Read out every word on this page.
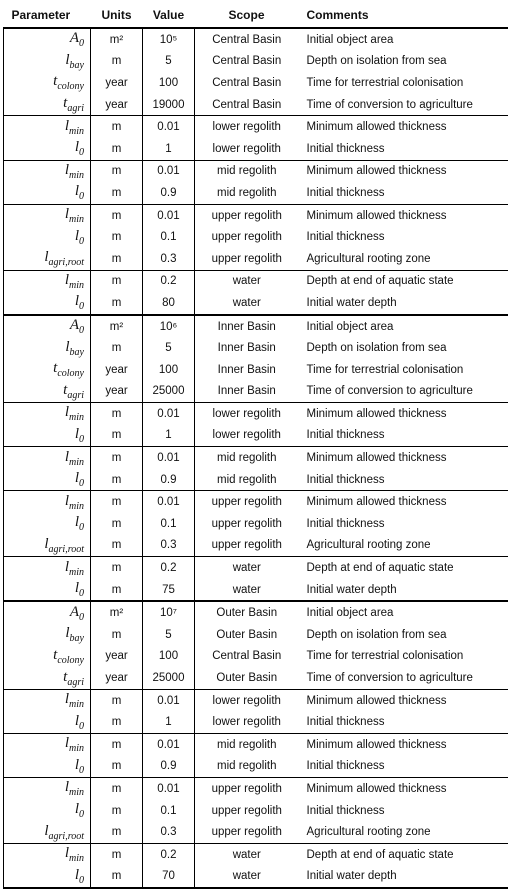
Parameter	Units	Value	Scope	Comments
$A_0$	m²	10⁵	Central Basin	Initial object area
$l_{bay}$	m	5	Central Basin	Depth on isolation from sea
$t_{colony}$	year	100	Central Basin	Time for terrestrial colonisation
$t_{agri}$	year	19000	Central Basin	Time of conversion to agriculture
$l_{min}$	m	0.01	lower regolith	Minimum allowed thickness
$l_0$	m	1	lower regolith	Initial thickness
$l_{min}$	m	0.01	mid regolith	Minimum allowed thickness
$l_0$	m	0.9	mid regolith	Initial thickness
$l_{min}$	m	0.01	upper regolith	Minimum allowed thickness
$l_0$	m	0.1	upper regolith	Initial thickness
$l_{agri,root}$	m	0.3	upper regolith	Agricultural rooting zone
$l_{min}$	m	0.2	water	Depth at end of aquatic state
$l_0$	m	80	water	Initial water depth
$A_0$	m²	10⁶	Inner Basin	Initial object area
$l_{bay}$	m	5	Inner Basin	Depth on isolation from sea
$t_{colony}$	year	100	Inner Basin	Time for terrestrial colonisation
$t_{agri}$	year	25000	Inner Basin	Time of conversion to agriculture
$l_{min}$	m	0.01	lower regolith	Minimum allowed thickness
$l_0$	m	1	lower regolith	Initial thickness
$l_{min}$	m	0.01	mid regolith	Minimum allowed thickness
$l_0$	m	0.9	mid regolith	Initial thickness
$l_{min}$	m	0.01	upper regolith	Minimum allowed thickness
$l_0$	m	0.1	upper regolith	Initial thickness
$l_{agri,root}$	m	0.3	upper regolith	Agricultural rooting zone
$l_{min}$	m	0.2	water	Depth at end of aquatic state
$l_0$	m	75	water	Initial water depth
$A_0$	m²	10⁷	Outer Basin	Initial object area
$l_{bay}$	m	5	Outer Basin	Depth on isolation from sea
$t_{colony}$	year	100	Central Basin	Time for terrestrial colonisation
$t_{agri}$	year	25000	Outer Basin	Time of conversion to agriculture
$l_{min}$	m	0.01	lower regolith	Minimum allowed thickness
$l_0$	m	1	lower regolith	Initial thickness
$l_{min}$	m	0.01	mid regolith	Minimum allowed thickness
$l_0$	m	0.9	mid regolith	Initial thickness
$l_{min}$	m	0.01	upper regolith	Minimum allowed thickness
$l_0$	m	0.1	upper regolith	Initial thickness
$l_{agri,root}$	m	0.3	upper regolith	Agricultural rooting zone
$l_{min}$	m	0.2	water	Depth at end of aquatic state
$l_0$	m	70	water	Initial water depth
